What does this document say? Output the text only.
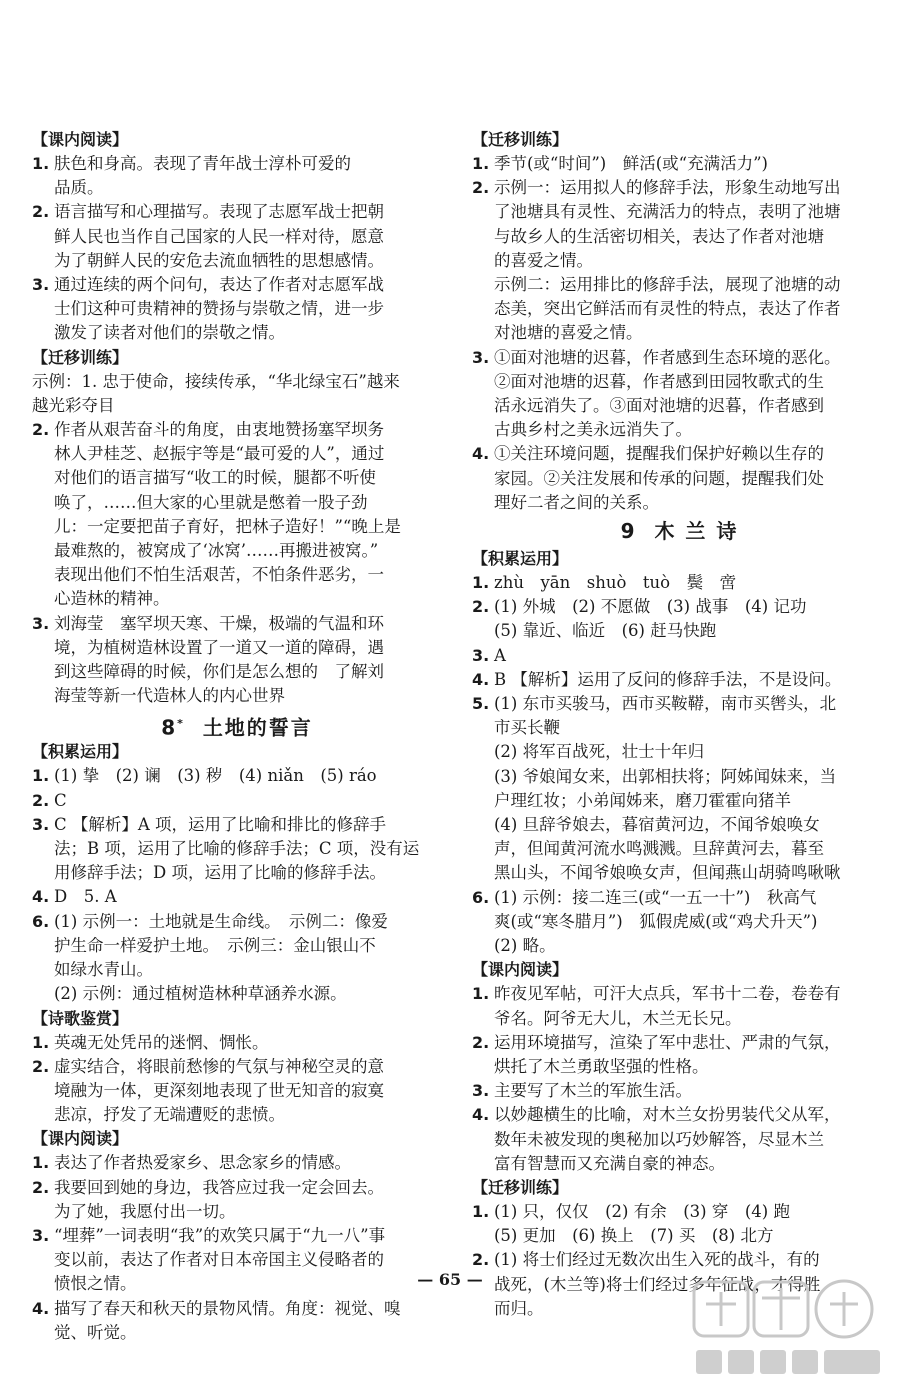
【课内阅读】
1. 肤色和身高。表现了青年战士淳朴可爱的
品质。
2. 语言描写和心理描写。表现了志愿军战士把朝
鲜人民也当作自己国家的人民一样对待，愿意
为了朝鲜人民的安危去流血牺牲的思想感情。
3. 通过连续的两个问句，表达了作者对志愿军战
士们这种可贵精神的赞扬与崇敬之情，进一步
激发了读者对他们的崇敬之情。
【迁移训练】
示例：1. 忠于使命，接续传承，“华北绿宝石”越来
越光彩夺目
2. 作者从艰苦奋斗的角度，由衷地赞扬塞罕坝务
林人尹桂芝、赵振宇等是“最可爱的人”，通过
对他们的语言描写“收工的时候，腿都不听使
唤了，……但大家的心里就是憋着一股子劲
儿：一定要把苗子育好，把林子造好！”“晚上是
最难熬的，被窝成了‘冰窝’……再搬进被窝。”
表现出他们不怕生活艰苦，不怕条件恶劣，一
心造林的精神。
3. 刘海莹　塞罕坝天寒、干燥，极端的气温和环
境，为植树造林设置了一道又一道的障碍，遇
到这些障碍的时候，你们是怎么想的　了解刘
海莹等新一代造林人的内心世界
8* 土地的誓言
【积累运用】
1. (1) 挚　(2) 谰　(3) 秽　(4) niǎn　(5) ráo
2. C
3. C 【解析】A 项，运用了比喻和排比的修辞手
法；B 项，运用了比喻的修辞手法；C 项，没有运
用修辞手法；D 项，运用了比喻的修辞手法。
4. D　5. A
6. (1) 示例一：土地就是生命线。　示例二：像爱
护生命一样爱护土地。　示例三：金山银山不
如绿水青山。
(2) 示例：通过植树造林种草涵养水源。
【诗歌鉴赏】
1. 英魂无处凭吊的迷惘、惆怅。
2. 虚实结合，将眼前愁惨的气氛与神秘空灵的意
境融为一体，更深刻地表现了世无知音的寂寞
悲凉，抒发了无端遭贬的悲愤。
【课内阅读】
1. 表达了作者热爱家乡、思念家乡的情感。
2. 我要回到她的身边，我答应过我一定会回去。
为了她，我愿付出一切。
3. “埋葬”一词表明“我”的欢笑只属于“九一八”事
变以前，表达了作者对日本帝国主义侵略者的
愤恨之情。
4. 描写了春天和秋天的景物风情。角度：视觉、嗅
觉、听觉。
【迁移训练】
1. 季节(或“时间”)　鲜活(或“充满活力”)
2. 示例一：运用拟人的修辞手法，形象生动地写出
了池塘具有灵性、充满活力的特点，表明了池塘
与故乡人的生活密切相关，表达了作者对池塘
的喜爱之情。
示例二：运用排比的修辞手法，展现了池塘的动
态美，突出它鲜活而有灵性的特点，表达了作者
对池塘的喜爱之情。
3. ①面对池塘的迟暮，作者感到生态环境的恶化。
②面对池塘的迟暮，作者感到田园牧歌式的生
活永远消失了。③面对池塘的迟暮，作者感到
古典乡村之美永远消失了。
4. ①关注环境问题，提醒我们保护好赖以生存的
家园。②关注发展和传承的问题，提醒我们处
理好二者之间的关系。
9 木 兰 诗
【积累运用】
1. zhù　yān　shuò　tuò　鬓　啻
2. (1) 外城　(2) 不愿做　(3) 战事　(4) 记功
(5) 靠近、临近　(6) 赶马快跑
3. A
4. B 【解析】运用了反问的修辞手法，不是设问。
5. (1) 东市买骏马，西市买鞍鞯，南市买辔头，北
市买长鞭
(2) 将军百战死，壮士十年归
(3) 爷娘闻女来，出郭相扶将；阿姊闻妹来，当
户理红妆；小弟闻姊来，磨刀霍霍向猪羊
(4) 旦辞爷娘去，暮宿黄河边，不闻爷娘唤女
声，但闻黄河流水鸣溅溅。旦辞黄河去，暮至
黑山头，不闻爷娘唤女声，但闻燕山胡骑鸣啾啾
6. (1) 示例：接二连三(或“一五一十”)　秋高气
爽(或“寒冬腊月”)　狐假虎威(或“鸡犬升天”)
(2) 略。
【课内阅读】
1. 昨夜见军帖，可汗大点兵，军书十二卷，卷卷有
爷名。阿爷无大儿，木兰无长兄。
2. 运用环境描写，渲染了军中悲壮、严肃的气氛，
烘托了木兰勇敢坚强的性格。
3. 主要写了木兰的军旅生活。
4. 以妙趣横生的比喻，对木兰女扮男装代父从军，
数年未被发现的奥秘加以巧妙解答，尽显木兰
富有智慧而又充满自豪的神态。
【迁移训练】
1. (1) 只，仅仅　(2) 有余　(3) 穿　(4) 跑
(5) 更加　(6) 换上　(7) 买　(8) 北方
2. (1) 将士们经过无数次出生入死的战斗，有的
战死，(木兰等)将士们经过多年征战，才得胜
而归。
— 65 —
